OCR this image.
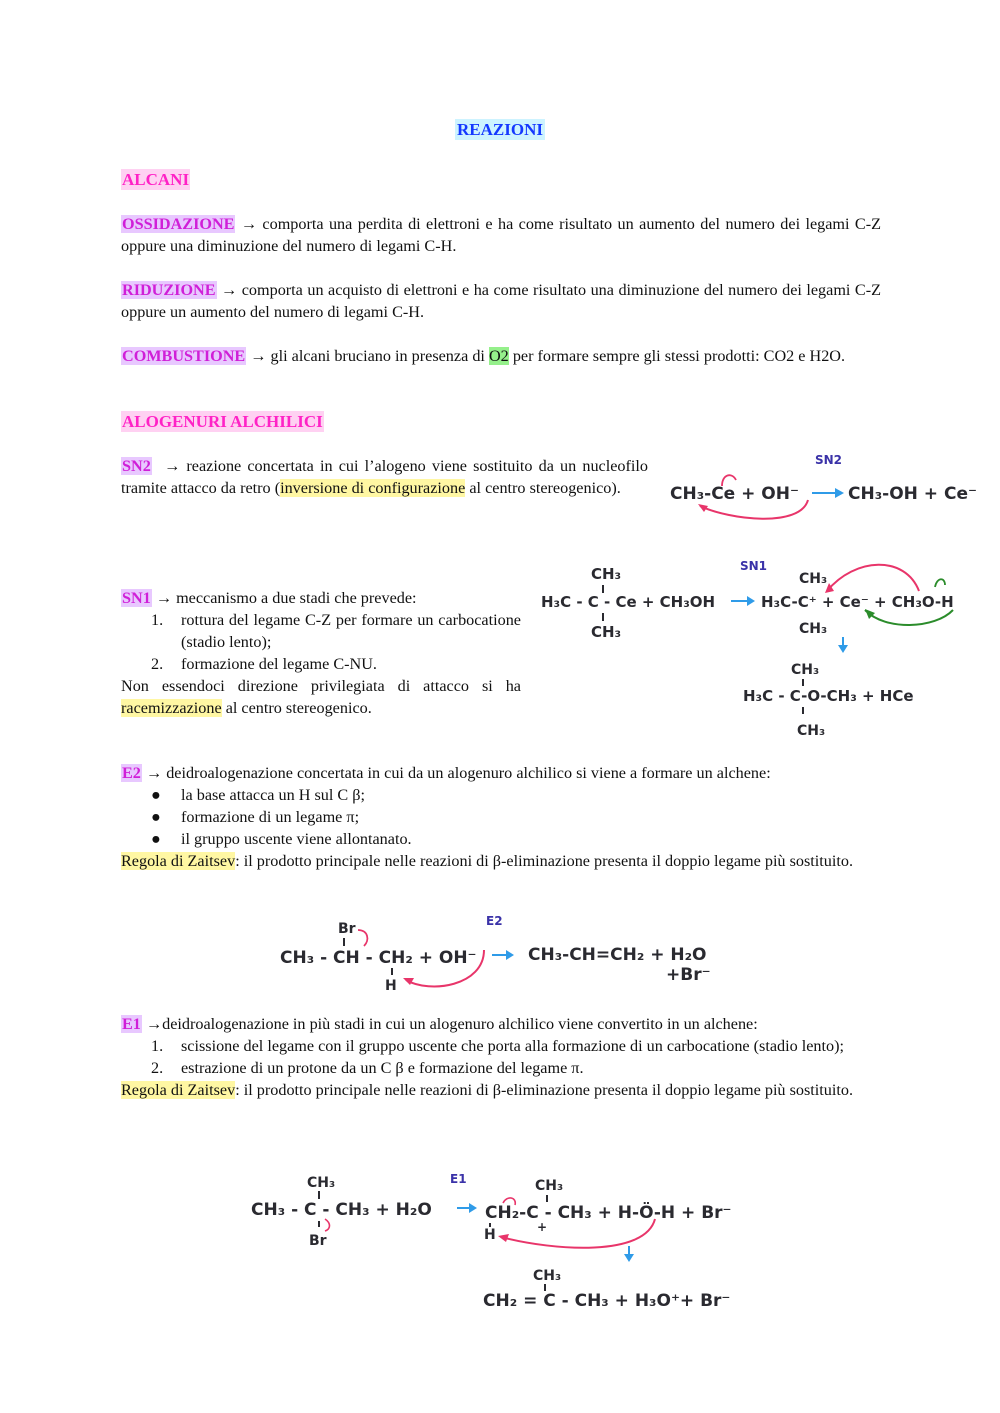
REAZIONI
ALCANI
OSSIDAZIONE → comporta una perdita di elettroni e ha come risultato un aumento del numero dei legami C-Z oppure una diminuzione del numero di legami C-H.
RIDUZIONE → comporta un acquisto di elettroni e ha come risultato una diminuzione del numero dei legami C-Z oppure un aumento del numero di legami C-H.
COMBUSTIONE → gli alcani bruciano in presenza di O2 per formare sempre gli stessi prodotti: CO2 e H2O.
ALOGENURI ALCHILICI
SN2  → reazione concertata in cui l’alogeno viene sostituito da un nucleofilo tramite attacco da retro (inversione di configurazione al centro stereogenico).
SN2
CH₃-Ce + OH⁻	CH₃-OH + Ce⁻
SN1 → meccanismo a due stadi che prevede:
1.	rottura del legame C-Z per formare un carbocatione (stadio lento);
2.	formazione del legame C-NU.
Non essendoci direzione privilegiata di attacco si ha racemizzazione al centro stereogenico.
SN1
CH₃
H₃C - C - Ce + CH₃OH
CH₃
CH₃
H₃C-C⁺ + Ce⁻ + CH₃O-H
CH₃
CH₃
H₃C - C-O-CH₃ + HCe
CH₃
E2 → deidroalogenazione concertata in cui da un alogenuro alchilico si viene a formare un alchene:
●	la base attacca un H sul C β;
●	formazione di un legame π;
●	il gruppo uscente viene allontanato.
Regola di Zaitsev: il prodotto principale nelle reazioni di β-eliminazione presenta il doppio legame più sostituito.
E2
Br
CH₃ - CH - CH₂ + OH⁻
H
CH₃-CH=CH₂ + H₂O
+Br⁻
E1 →deidroalogenazione in più stadi in cui un alogenuro alchilico viene convertito in un alchene:
1.	scissione del legame con il gruppo uscente che porta alla formazione di un carbocatione (stadio lento);
2.	estrazione di un protone da un C β e formazione del legame π.
Regola di Zaitsev: il prodotto principale nelle reazioni di β-eliminazione presenta il doppio legame più sostituito.
E1
CH₃
CH₃ - C - CH₃ + H₂O
Br
CH₃
CH₂-C - CH₃ + H-Ö-H + Br⁻
+
H
CH₃
CH₂ = C - CH₃ + H₃O⁺+ Br⁻
